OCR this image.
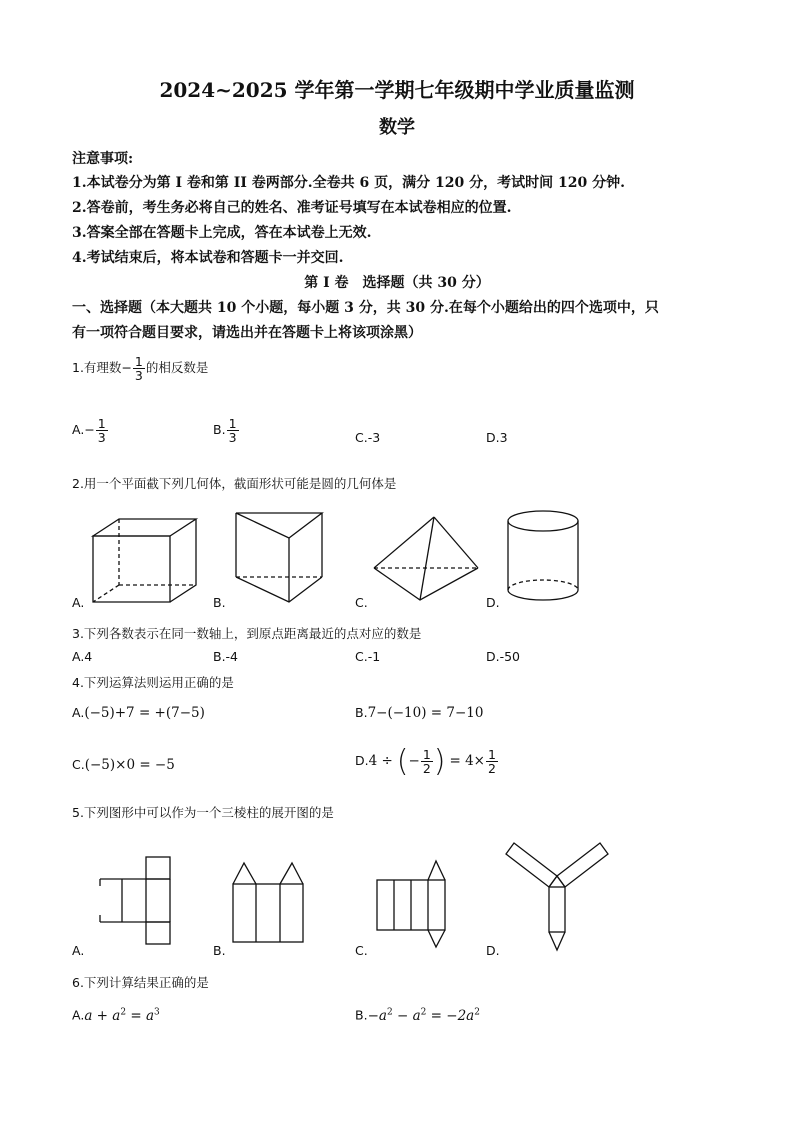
2024~2025 学年第一学期七年级期中学业质量监测
数学
注意事项:
1.本试卷分为第 I 卷和第 II 卷两部分.全卷共 6 页，满分 120 分，考试时间 120 分钟.
2.答卷前，考生务必将自己的姓名、准考证号填写在本试卷相应的位置.
3.答案全部在答题卡上完成，答在本试卷上无效.
4.考试结束后，将本试卷和答题卡一并交回.
第 I 卷　选择题（共 30 分）
一、选择题（本大题共 10 个小题，每小题 3 分，共 30 分.在每个小题给出的四个选项中，只
有一项符合题目要求，请选出并在答题卡上将该项涂黑）
1.有理数− $\frac{1}{3}$ 的相反数是
$A.- \frac{1}{3}$	B. $\frac{1}{3}$	C.-3	D.3
2.用一个平面截下列几何体，截面形状可能是圆的几何体是
A.	B.	C.	D.
3.下列各数表示在同一数轴上，到原点距离最近的点对应的数是
A.4	B.-4	C.-1	D.-50
4.下列运算法则运用正确的是
A.(−5)+7 = +(7−5)	B.7−(−10) = 7−10
C.(−5)×0 = −5	D.4 ÷ (− $\frac{1}{2}$ ) = $4\times \frac{1}{2}$
5.下列图形中可以作为一个三棱柱的展开图的是
A.	B.	C.	D.
6.下列计算结果正确的是
$A.a + a^2 = a^3$	$B.-a^2 - a^2 = -2a^2$
